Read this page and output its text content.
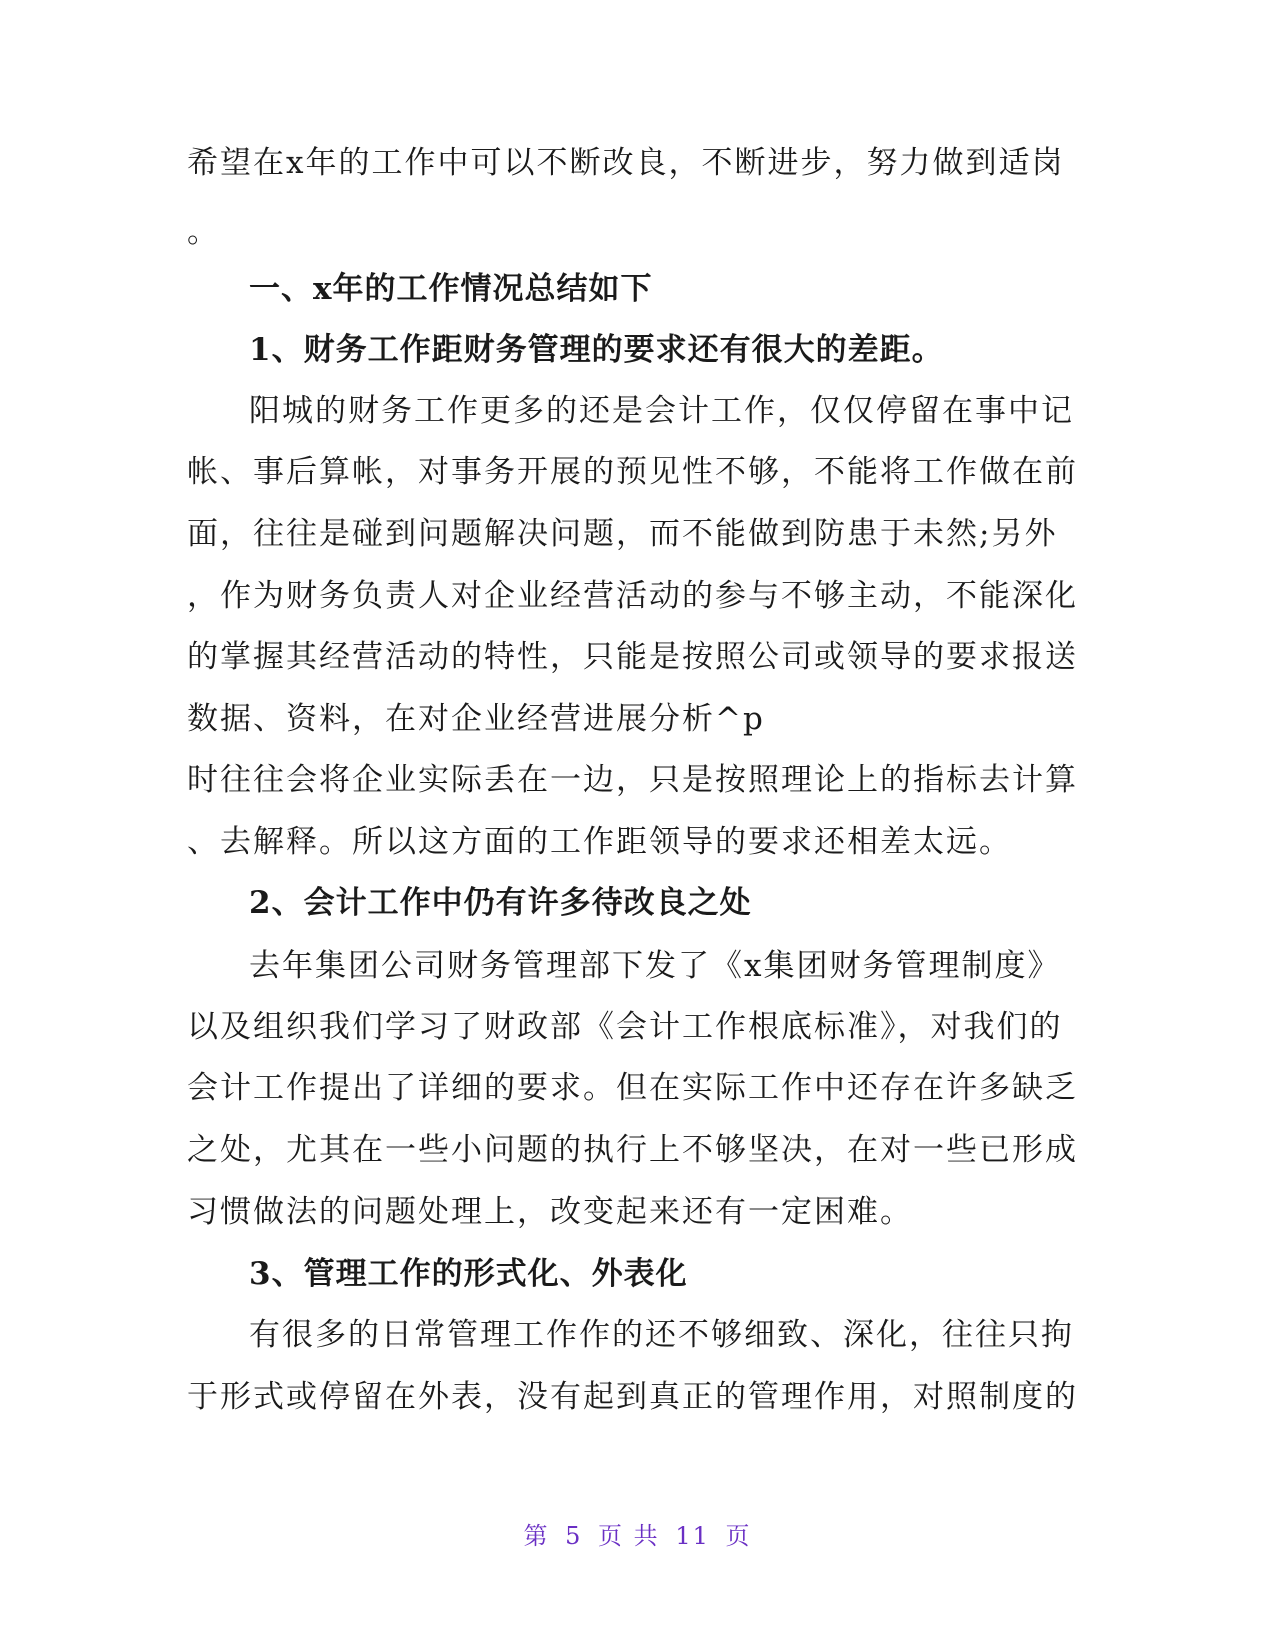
希望在x年的工作中可以不断改良，不断进步，努力做到适岗
。
一、x年的工作情况总结如下
1、财务工作距财务管理的要求还有很大的差距。
阳城的财务工作更多的还是会计工作，仅仅停留在事中记
帐、事后算帐，对事务开展的预见性不够，不能将工作做在前
面，往往是碰到问题解决问题，而不能做到防患于未然;另外
，作为财务负责人对企业经营活动的参与不够主动，不能深化
的掌握其经营活动的特性，只能是按照公司或领导的要求报送
数据、资料，在对企业经营进展分析^p
时往往会将企业实际丢在一边，只是按照理论上的指标去计算
、去解释。所以这方面的工作距领导的要求还相差太远。
2、会计工作中仍有许多待改良之处
去年集团公司财务管理部下发了《x集团财务管理制度》
以及组织我们学习了财政部《会计工作根底标准》，对我们的
会计工作提出了详细的要求。但在实际工作中还存在许多缺乏
之处，尤其在一些小问题的执行上不够坚决，在对一些已形成
习惯做法的问题处理上，改变起来还有一定困难。
3、管理工作的形式化、外表化
有很多的日常管理工作作的还不够细致、深化，往往只拘
于形式或停留在外表，没有起到真正的管理作用，对照制度的
第 5 页 共 11 页
